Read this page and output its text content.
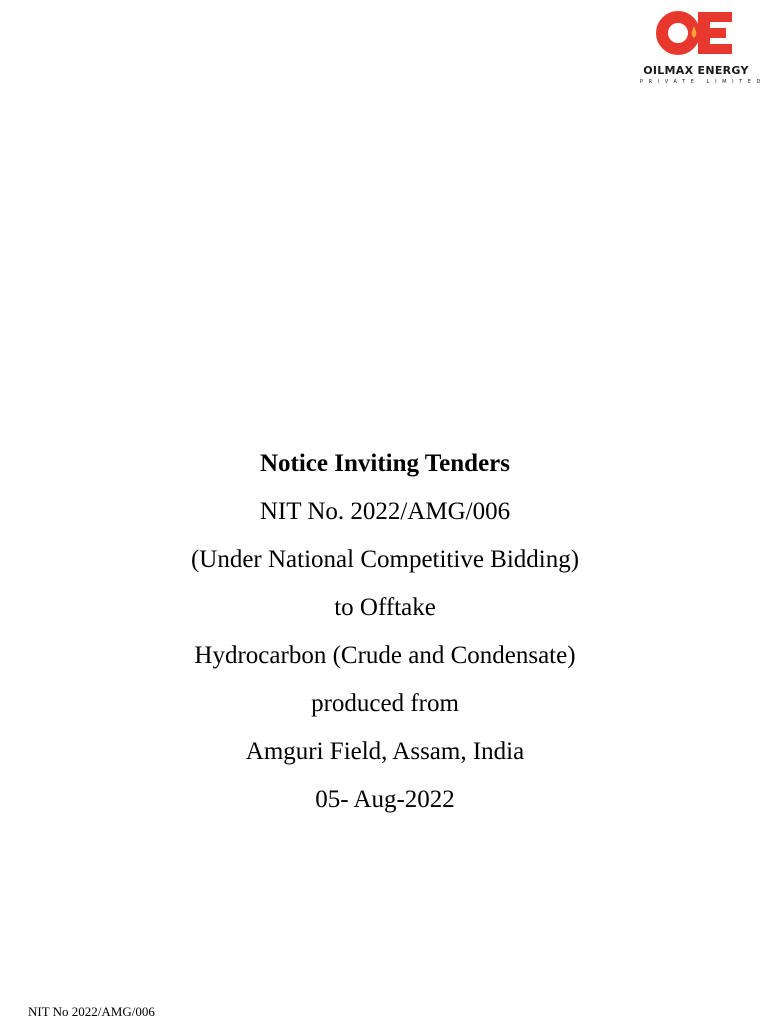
OILMAX ENERGY
PRIVATE LIMITED
Notice Inviting Tenders
NIT No. 2022/AMG/006
(Under National Competitive Bidding)
to Offtake
Hydrocarbon (Crude and Condensate)
produced from
Amguri Field, Assam, India
05- Aug-2022
NIT No 2022/AMG/006
